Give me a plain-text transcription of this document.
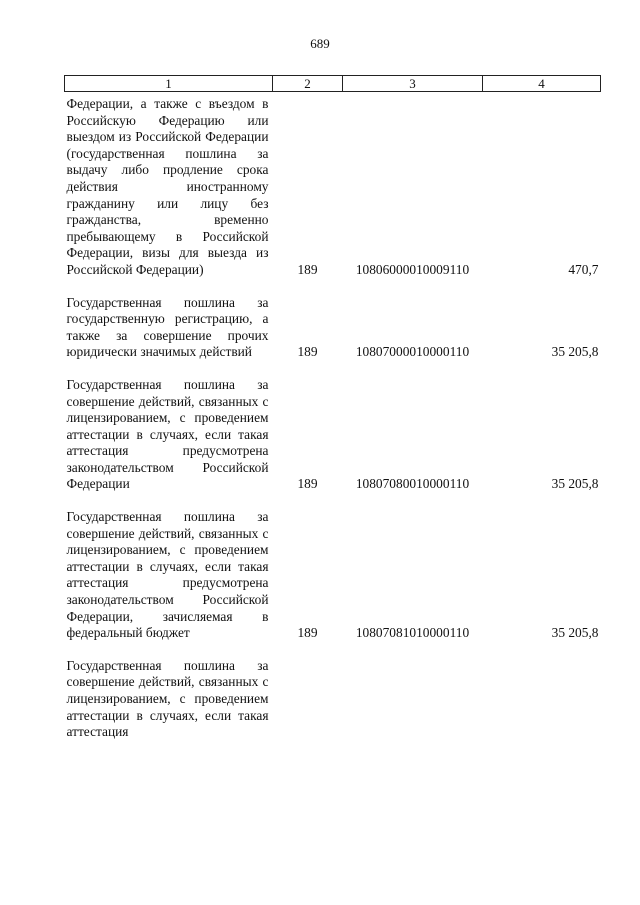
689
1	2	3	4
Федерации, а также с въездом в Российскую Федерацию или выездом из Российской Федерации (государственная пошлина за выдачу либо продление срока действия иностранному гражданину или лицу без гражданства, временно пребывающему в Российской Федерации, визы для выезда из Российской Федерации)	189	10806000010009110	470,7
Государственная пошлина за государственную регистрацию, а также за совершение прочих юридически значимых действий	189	10807000010000110	35 205,8
Государственная пошлина за совершение действий, связанных с лицензированием, с проведением аттестации в случаях, если такая аттестация предусмотрена законодательством Российской Федерации	189	10807080010000110	35 205,8
Государственная пошлина за совершение действий, связанных с лицензированием, с проведением аттестации в случаях, если такая аттестация предусмотрена законодательством Российской Федерации, зачисляемая в федеральный бюджет	189	10807081010000110	35 205,8
Государственная пошлина за совершение действий, связанных с лицензированием, с проведением аттестации в случаях, если такая аттестация			
